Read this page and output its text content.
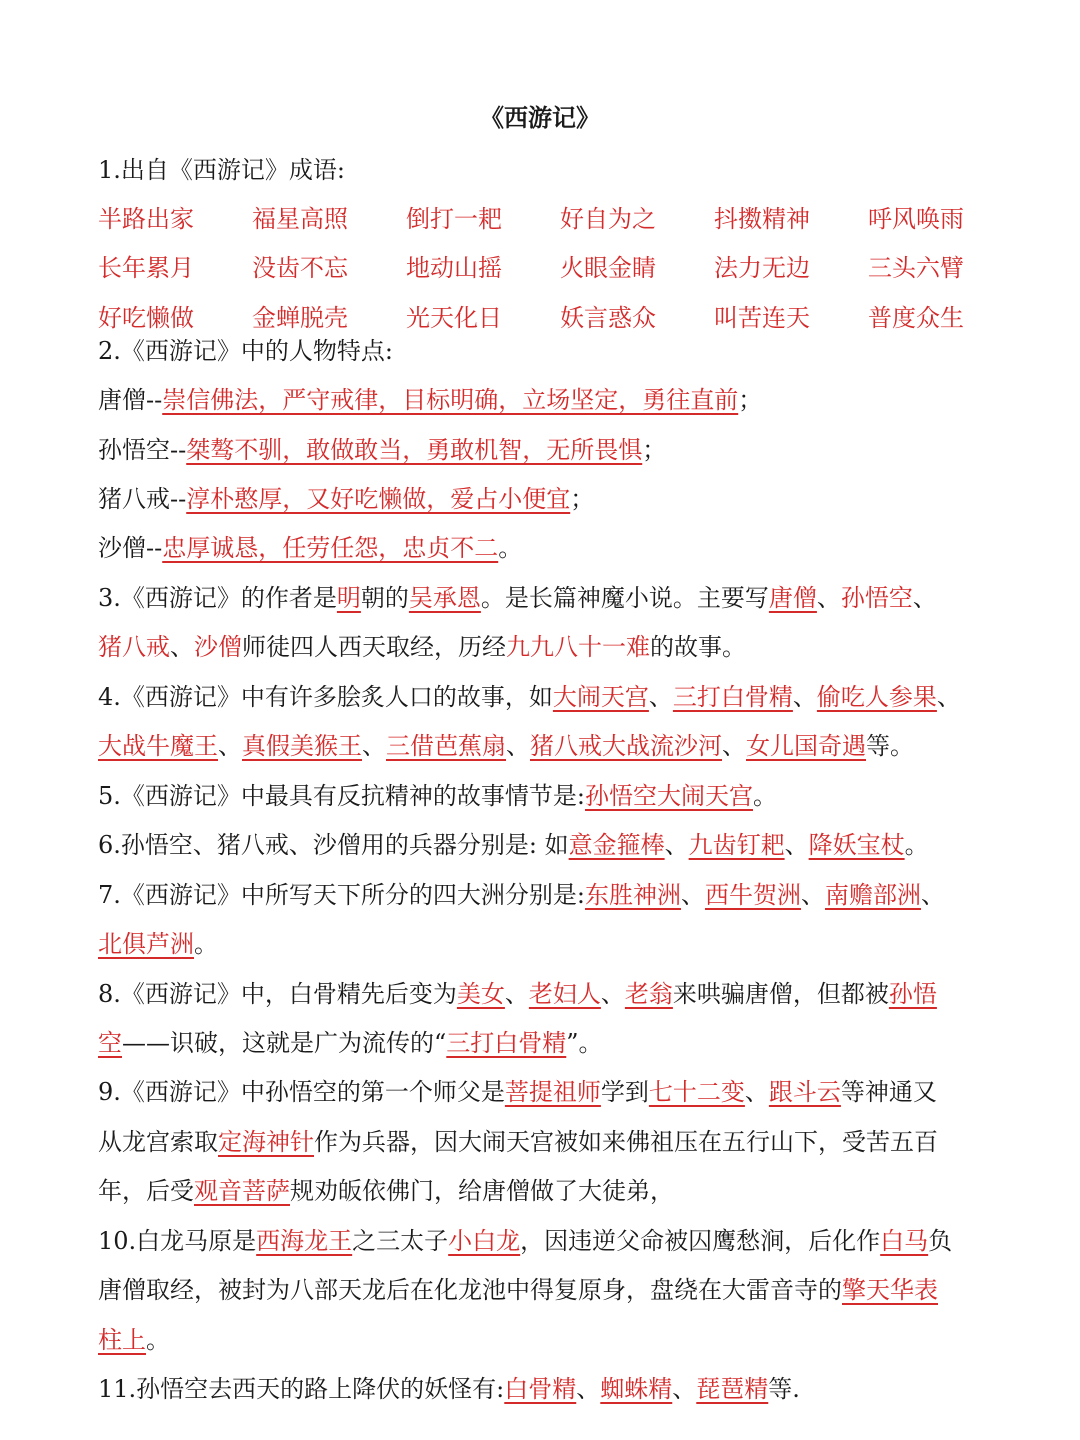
《西游记》
1.出自《西游记》成语:
半路出家 福星高照 倒打一耙 好自为之 抖擞精神 呼风唤雨
长年累月 没齿不忘 地动山摇 火眼金睛 法力无边 三头六臂
好吃懒做 金蝉脱壳 光天化日 妖言惑众 叫苦连天 普度众生
2.《西游记》中的人物特点:
唐僧--崇信佛法，严守戒律，目标明确，立场坚定，勇往直前；
孙悟空--桀骜不驯，敢做敢当，勇敢机智，无所畏惧；
猪八戒--淳朴憨厚，又好吃懒做，爱占小便宜；
沙僧--忠厚诚恳，任劳任怨，忠贞不二。
3.《西游记》的作者是明朝的吴承恩。是长篇神魔小说。主要写唐僧、孙悟空、
猪八戒、沙僧师徒四人西天取经，历经九九八十一难的故事。
4.《西游记》中有许多脍炙人口的故事，如大闹天宫、三打白骨精、偷吃人参果、
大战牛魔王、真假美猴王、三借芭蕉扇、猪八戒大战流沙河、女儿国奇遇等。
5.《西游记》中最具有反抗精神的故事情节是:孙悟空大闹天宫。
6.孙悟空、猪八戒、沙僧用的兵器分别是: 如意金箍棒、九齿钉耙、降妖宝杖。
7.《西游记》中所写天下所分的四大洲分别是:东胜神洲、西牛贺洲、南赡部洲、
北俱芦洲。
8.《西游记》中，白骨精先后变为美女、老妇人、老翁来哄骗唐僧，但都被孙悟
空——识破，这就是广为流传的“三打白骨精”。
9.《西游记》中孙悟空的第一个师父是菩提祖师学到七十二变、跟斗云等神通又
从龙宫索取定海神针作为兵器，因大闹天宫被如来佛祖压在五行山下，受苦五百
年，后受观音菩萨规劝皈依佛门，给唐僧做了大徒弟，
10.白龙马原是西海龙王之三太子小白龙，因违逆父命被囚鹰愁涧，后化作白马负
唐僧取经，被封为八部天龙后在化龙池中得复原身，盘绕在大雷音寺的擎天华表
柱上。
11.孙悟空去西天的路上降伏的妖怪有:白骨精、蜘蛛精、琵琶精等.
